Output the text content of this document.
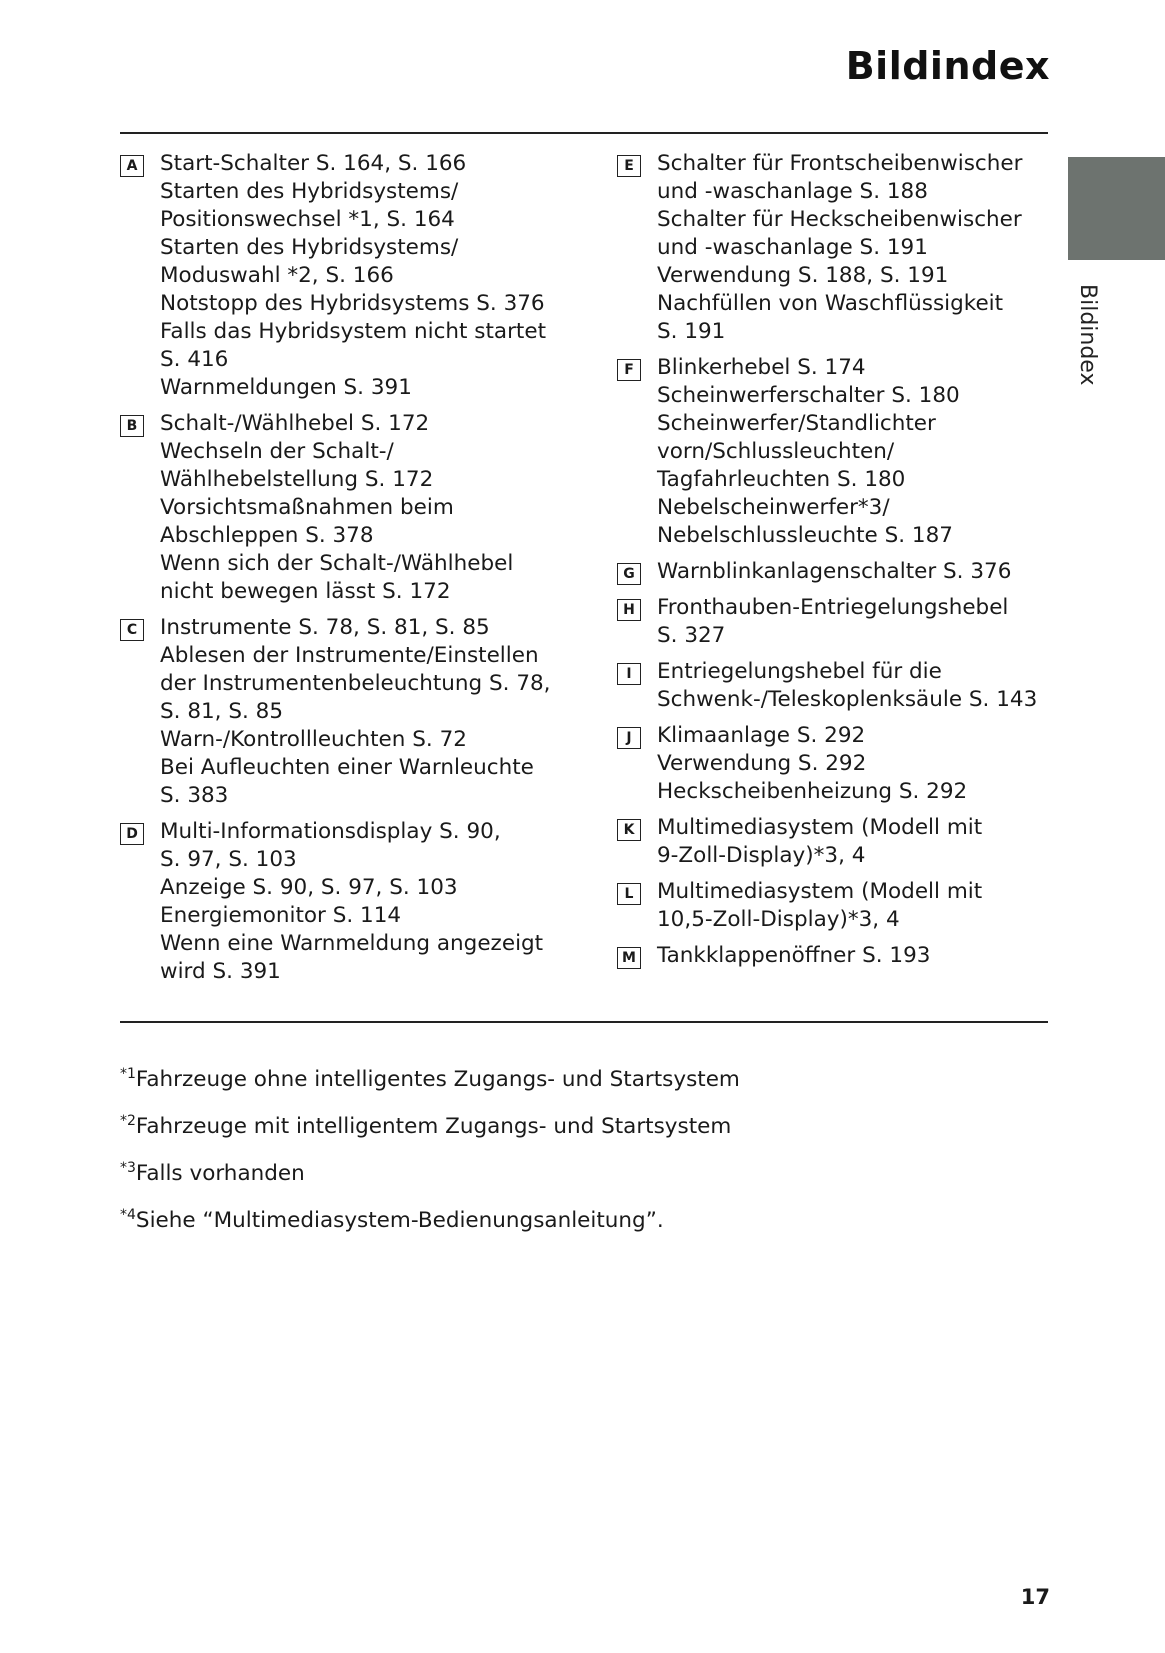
Bildindex
Bildindex
A	Start-Schalter S. 164, S. 166
Starten des Hybridsystems/
Positionswechsel *1, S. 164
Starten des Hybridsystems/
Moduswahl *2, S. 166
Notstopp des Hybridsystems S. 376
Falls das Hybridsystem nicht startet
S. 416
Warnmeldungen S. 391
B	Schalt-/Wählhebel S. 172
Wechseln der Schalt-/
Wählhebelstellung S. 172
Vorsichtsmaßnahmen beim
Abschleppen S. 378
Wenn sich der Schalt-/Wählhebel
nicht bewegen lässt S. 172
C	Instrumente S. 78, S. 81, S. 85
Ablesen der Instrumente/Einstellen
der Instrumentenbeleuchtung S. 78,
S. 81, S. 85
Warn-/Kontrollleuchten S. 72
Bei Aufleuchten einer Warnleuchte
S. 383
D Multi-Informationsdisplay S. 90,
S. 97, S. 103
Anzeige S. 90, S. 97, S. 103
Energiemonitor S. 114
Wenn eine Warnmeldung angezeigt
wird S. 391
E	Schalter für Frontscheibenwischer
und -waschanlage S. 188
Schalter für Heckscheibenwischer
und -waschanlage S. 191
Verwendung S. 188, S. 191
Nachfüllen von Waschflüssigkeit
S. 191
F	Blinkerhebel S. 174
Scheinwerferschalter S. 180
Scheinwerfer/Standlichter
vorn/Schlussleuchten/
Tagfahrleuchten S. 180
Nebelscheinwerfer*3/
Nebelschlussleuchte S. 187
G Warnblinkanlagenschalter S. 376
H Fronthauben-Entriegelungshebel
S. 327
I	Entriegelungshebel für die
Schwenk-/Teleskoplenksäule S. 143
J	Klimaanlage S. 292
Verwendung S. 292
Heckscheibenheizung S. 292
K	Multimediasystem (Modell mit
9-Zoll-Display)*3, 4
L	Multimediasystem (Modell mit
10,5-Zoll-Display)*3, 4
M Tankklappenöffner S. 193
$^{*1}$Fahrzeuge ohne intelligentes Zugangs- und Startsystem
$^{*2}$Fahrzeuge mit intelligentem Zugangs- und Startsystem
$^{*3}$Falls vorhanden
$^{*4}$Siehe “Multimediasystem-Bedienungsanleitung”.
17
